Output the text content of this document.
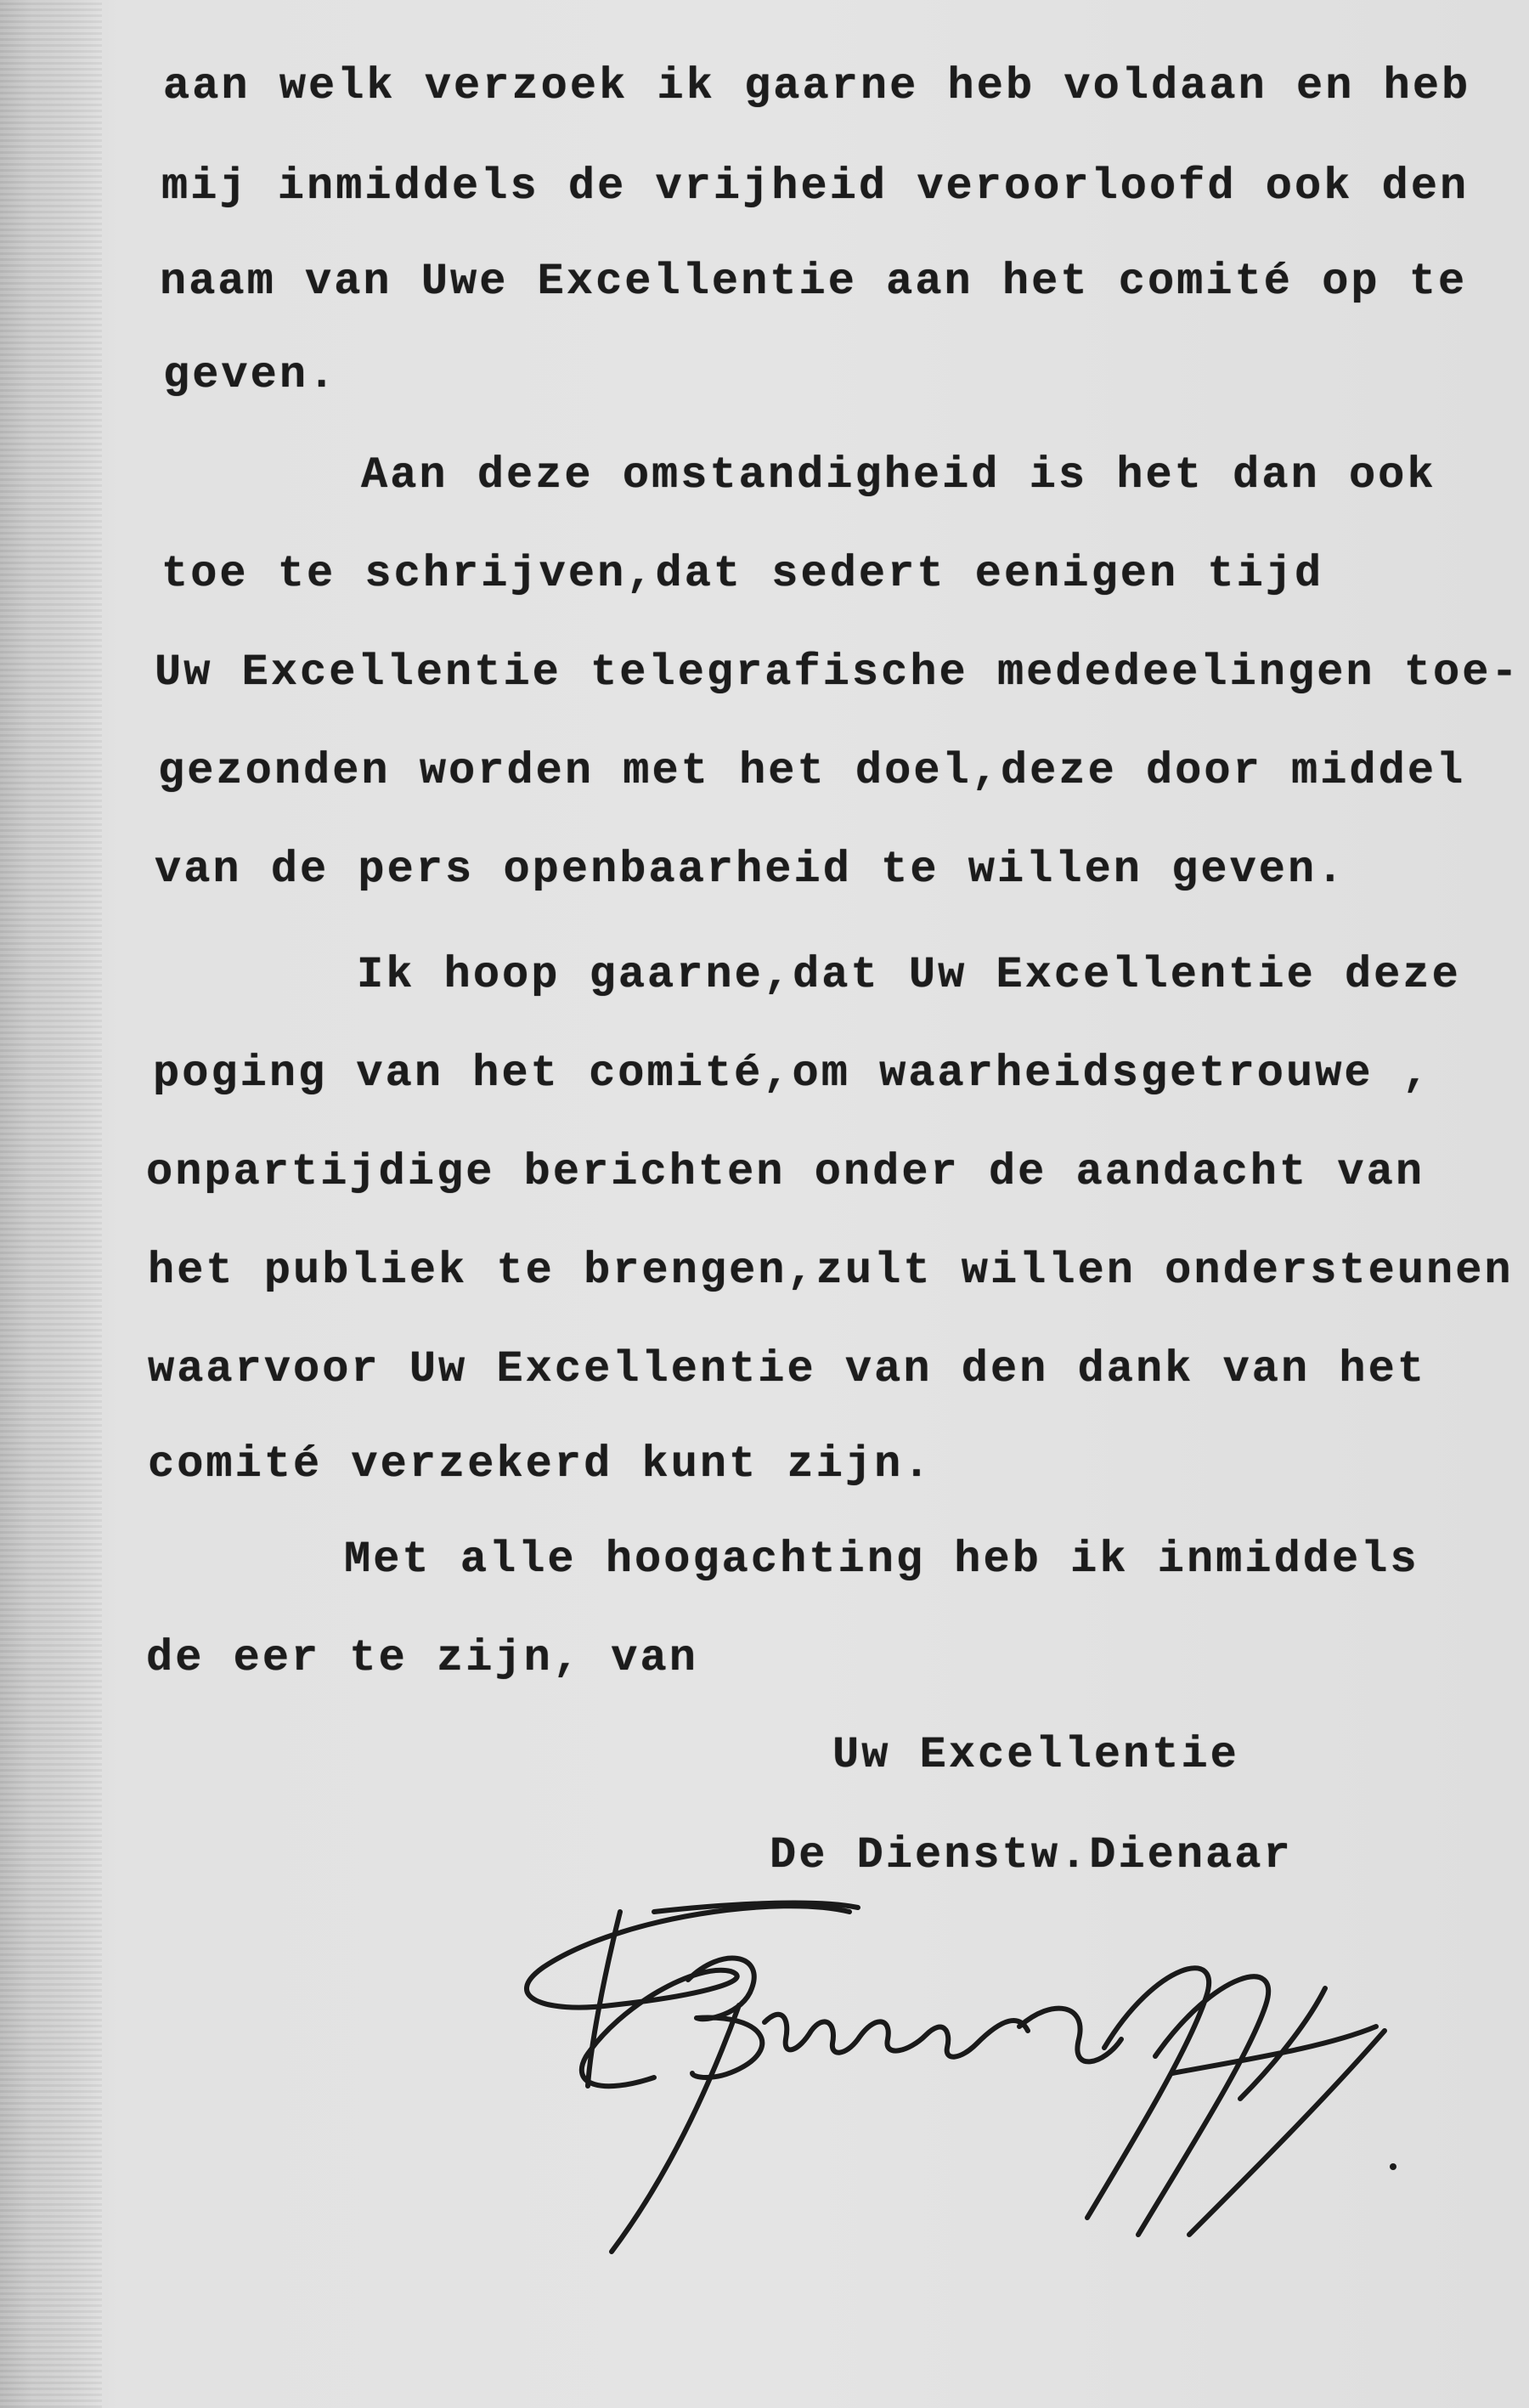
aan welk verzoek ik gaarne heb voldaan en heb

mij inmiddels de vrijheid veroorloofd ook den

naam van Uwe Excellentie aan het comité op te

geven.

Aan deze omstandigheid is het dan ook

toe te schrijven,dat sedert eenigen tijd

Uw Excellentie telegrafische mededeelingen toe-

gezonden worden met het doel,deze door middel

van de pers openbaarheid te willen geven.

Ik hoop gaarne,dat Uw Excellentie deze

poging van het comité,om waarheidsgetrouwe ,

onpartijdige berichten onder de aandacht van

het publiek te brengen,zult willen ondersteunen

waarvoor Uw Excellentie van den dank van het

comité verzekerd kunt zijn.

Met alle hoogachting heb ik inmiddels

de eer te zijn, van

Uw Excellentie

De Dienstw.Dienaar
